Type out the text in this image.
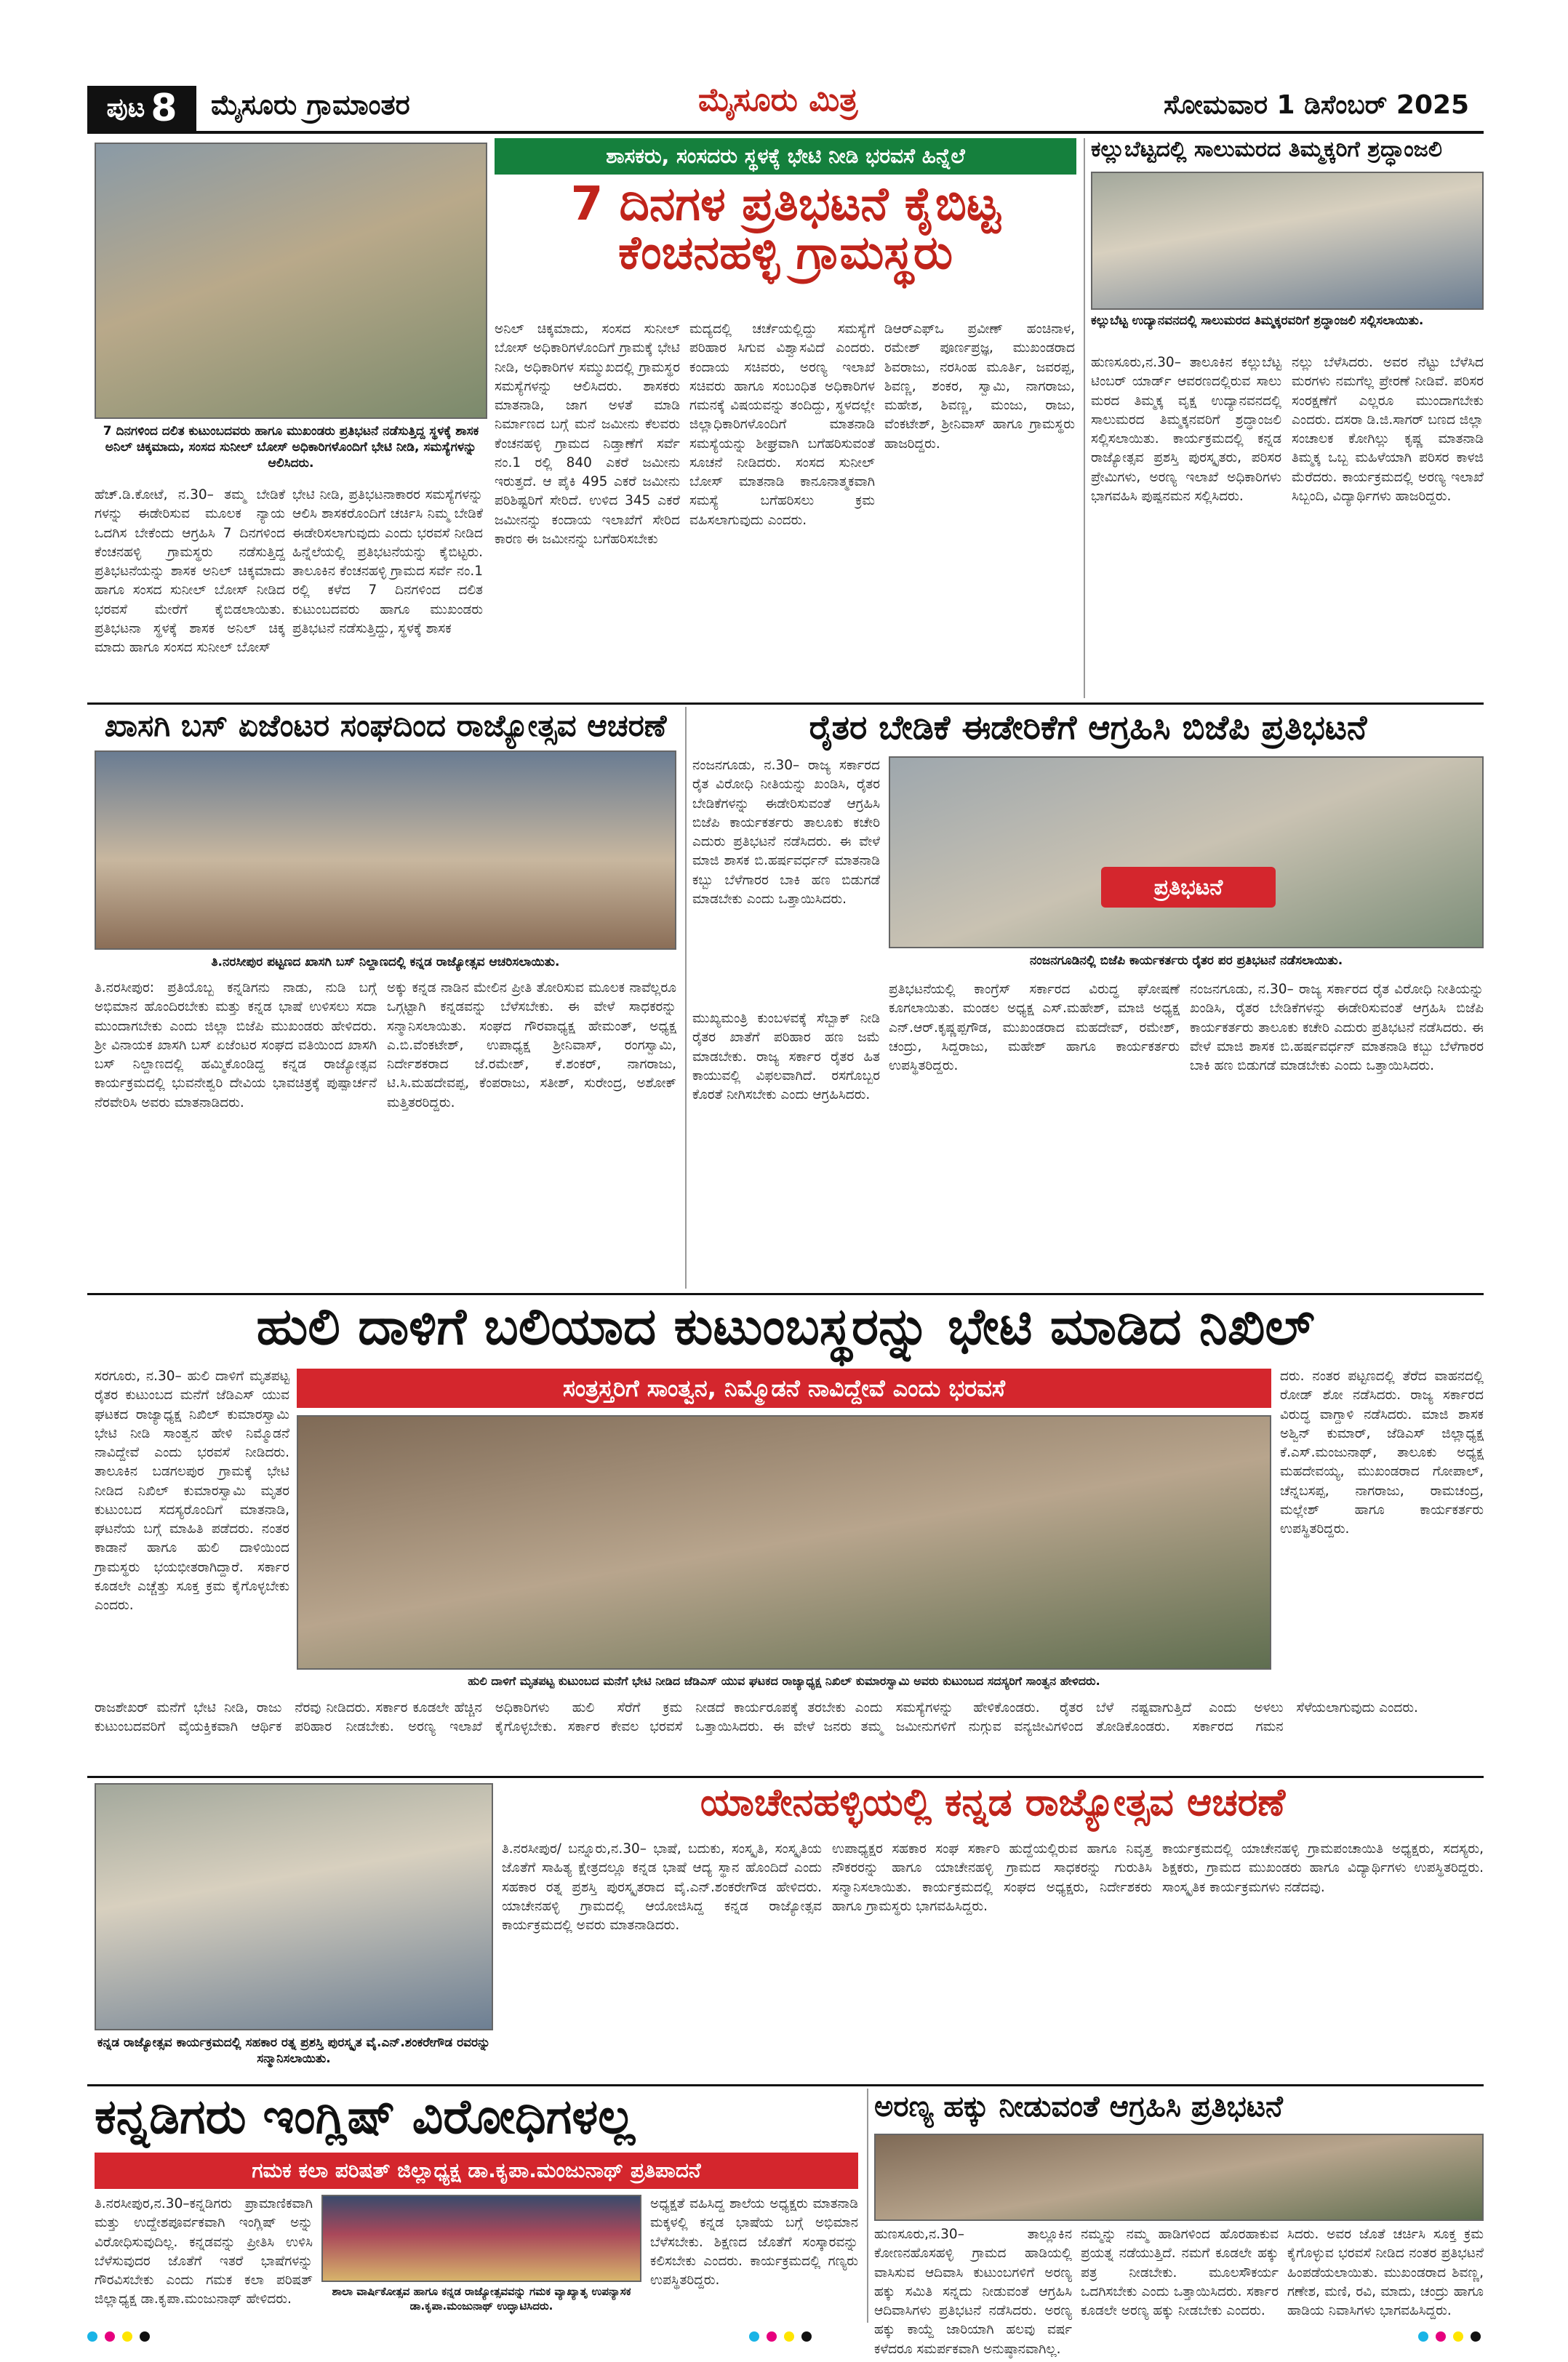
ಪುಟ 8 ಮೈಸೂರು ಗ್ರಾಮಾಂತರ	ಮೈಸೂರು ಮಿತ್ರ	ಸೋಮವಾರ 1 ಡಿಸೆಂಬರ್ 2025
7 ದಿನಗಳಿಂದ ದಲಿತ ಕುಟುಂಬದವರು ಹಾಗೂ ಮುಖಂಡರು ಪ್ರತಿಭಟನೆ ನಡೆಸುತ್ತಿದ್ದ ಸ್ಥಳಕ್ಕೆ ಶಾಸಕ ಅನಿಲ್ ಚಿಕ್ಕಮಾದು, ಸಂಸದ ಸುನೀಲ್ ಬೋಸ್ ಅಧಿಕಾರಿಗಳೊಂದಿಗೆ ಭೇಟಿ ನೀಡಿ, ಸಮಸ್ಯೆಗಳನ್ನು ಆಲಿಸಿದರು.
ಶಾಸಕರು, ಸಂಸದರು ಸ್ಥಳಕ್ಕೆ ಭೇಟಿ ನೀಡಿ ಭರವಸೆ ಹಿನ್ನೆಲೆ
7 ದಿನಗಳ ಪ್ರತಿಭಟನೆ ಕೈಬಿಟ್ಟ
ಕೆಂಚನಹಳ್ಳಿ ಗ್ರಾಮಸ್ಥರು
ಹೆಚ್.ಡಿ.ಕೋಟೆ, ನ.30– ತಮ್ಮ ಬೇಡಿಕೆ ಗಳನ್ನು ಈಡೇರಿಸುವ ಮೂಲಕ ನ್ಯಾಯ ಒದಗಿಸ ಬೇಕೆಂದು ಆಗ್ರಹಿಸಿ 7 ದಿನಗಳಿಂದ ಕೆಂಚನಹಳ್ಳಿ ಗ್ರಾಮಸ್ಥರು ನಡೆಸುತ್ತಿದ್ದ ಪ್ರತಿಭಟನೆಯನ್ನು ಶಾಸಕ ಅನಿಲ್ ಚಿಕ್ಕಮಾದು ಹಾಗೂ ಸಂಸದ ಸುನೀಲ್ ಬೋಸ್ ನೀಡಿದ ಭರವಸೆ ಮೇರೆಗೆ ಕೈಬಿಡಲಾಯಿತು. ಪ್ರತಿಭಟನಾ ಸ್ಥಳಕ್ಕೆ ಶಾಸಕ ಅನಿಲ್ ಚಿಕ್ಕ ಮಾದು ಹಾಗೂ ಸಂಸದ ಸುನೀಲ್ ಬೋಸ್
ಭೇಟಿ ನೀಡಿ, ಪ್ರತಿಭಟನಾಕಾರರ ಸಮಸ್ಯೆಗಳನ್ನು ಆಲಿಸಿ ಶಾಸಕರೊಂದಿಗೆ ಚರ್ಚಿಸಿ ನಿಮ್ಮ ಬೇಡಿಕೆ ಈಡೇರಿಸಲಾಗುವುದು ಎಂದು ಭರವಸೆ ನೀಡಿದ ಹಿನ್ನೆಲೆಯಲ್ಲಿ ಪ್ರತಿಭಟನೆಯನ್ನು ಕೈಬಿಟ್ಟರು. ತಾಲೂಕಿನ ಕೆಂಚನಹಳ್ಳಿ ಗ್ರಾಮದ ಸರ್ವೆ ನಂ.1 ರಲ್ಲಿ ಕಳೆದ 7 ದಿನಗಳಿಂದ ದಲಿತ ಕುಟುಂಬದವರು ಹಾಗೂ ಮುಖಂಡರು ಪ್ರತಿಭಟನೆ ನಡೆಸುತ್ತಿದ್ದು, ಸ್ಥಳಕ್ಕೆ ಶಾಸಕ
ಅನಿಲ್ ಚಿಕ್ಕಮಾದು, ಸಂಸದ ಸುನೀಲ್ ಬೋಸ್ ಅಧಿಕಾರಿಗಳೊಂದಿಗೆ ಗ್ರಾಮಕ್ಕೆ ಭೇಟಿ ನೀಡಿ, ಅಧಿಕಾರಿಗಳ ಸಮ್ಮುಖದಲ್ಲಿ ಗ್ರಾಮಸ್ಥರ ಸಮಸ್ಯೆಗಳನ್ನು ಆಲಿಸಿದರು. ಶಾಸಕರು ಮಾತನಾಡಿ, ಜಾಗ ಅಳತೆ ಮಾಡಿ ನಿರ್ಮಾಣದ ಬಗ್ಗೆ ಮನೆ ಜಮೀನು ಕೆಲವರು ಕೆಂಚನಹಳ್ಳಿ ಗ್ರಾಮದ ನಿಡ್ತಾಣೆಗೆ ಸರ್ವೆ ನಂ.1 ರಲ್ಲಿ 840 ಎಕರೆ ಜಮೀನು ಇರುತ್ತದೆ. ಆ ಪೈಕಿ 495 ಎಕರೆ ಜಮೀನು ಪರಿಶಿಷ್ಟರಿಗೆ ಸೇರಿದೆ. ಉಳಿದ 345 ಎಕರೆ ಜಮೀನನ್ನು ಕಂದಾಯ ಇಲಾಖೆಗೆ ಸೇರಿದ ಕಾರಣ ಈ ಜಮೀನನ್ನು ಬಗೆಹರಿಸಬೇಕು
ಮದ್ಯದಲ್ಲಿ ಚರ್ಚೆಯಲ್ಲಿದ್ದು ಸಮಸ್ಯೆಗೆ ಪರಿಹಾರ ಸಿಗುವ ವಿಶ್ವಾಸವಿದೆ ಎಂದರು. ಕಂದಾಯ ಸಚಿವರು, ಅರಣ್ಯ ಇಲಾಖೆ ಸಚಿವರು ಹಾಗೂ ಸಂಬಂಧಿತ ಅಧಿಕಾರಿಗಳ ಗಮನಕ್ಕೆ ವಿಷಯವನ್ನು ತಂದಿದ್ದು, ಸ್ಥಳದಲ್ಲೇ ಜಿಲ್ಲಾಧಿಕಾರಿಗಳೊಂದಿಗೆ ಮಾತನಾಡಿ ಸಮಸ್ಯೆಯನ್ನು ಶೀಘ್ರವಾಗಿ ಬಗೆಹರಿಸುವಂತೆ ಸೂಚನೆ ನೀಡಿದರು. ಸಂಸದ ಸುನೀಲ್ ಬೋಸ್ ಮಾತನಾಡಿ ಕಾನೂನಾತ್ಮಕವಾಗಿ ಸಮಸ್ಯೆ ಬಗೆಹರಿಸಲು ಕ್ರಮ ವಹಿಸಲಾಗುವುದು ಎಂದರು.
ಡಿಆರ್‌ಎಫ್‌ಒ ಪ್ರವೀಣ್ ಹಂಚಿನಾಳ, ರಮೇಶ್ ಪೂರ್ಣಪ್ರಜ್ಞ, ಮುಖಂಡರಾದ ಶಿವರಾಜು, ನರಸಿಂಹ ಮೂರ್ತಿ, ಜವರಪ್ಪ, ಶಿವಣ್ಣ, ಶಂಕರ, ಸ್ವಾಮಿ, ನಾಗರಾಜು, ಮಹೇಶ, ಶಿವಣ್ಣ, ಮಂಜು, ರಾಜು, ವೆಂಕಟೇಶ್, ಶ್ರೀನಿವಾಸ್ ಹಾಗೂ ಗ್ರಾಮಸ್ಥರು ಹಾಜರಿದ್ದರು.
ಕಲ್ಲುಬೆಟ್ಟದಲ್ಲಿ ಸಾಲುಮರದ ತಿಮ್ಮಕ್ಕರಿಗೆ ಶ್ರದ್ಧಾಂಜಲಿ
ಕಲ್ಲುಬೆಟ್ಟ ಉದ್ಯಾನವನದಲ್ಲಿ ಸಾಲುಮರದ ತಿಮ್ಮಕ್ಕರವರಿಗೆ ಶ್ರದ್ಧಾಂಜಲಿ ಸಲ್ಲಿಸಲಾಯಿತು.
ಹುಣಸೂರು,ನ.30– ತಾಲೂಕಿನ ಕಲ್ಲುಬೆಟ್ಟ ಟಿಂಬರ್ ಯಾರ್ಡ್ ಆವರಣದಲ್ಲಿರುವ ಸಾಲು ಮರದ ತಿಮ್ಮಕ್ಕ ವೃಕ್ಷ ಉದ್ಯಾನವನದಲ್ಲಿ ಸಾಲುಮರದ ತಿಮ್ಮಕ್ಕನವರಿಗೆ ಶ್ರದ್ಧಾಂಜಲಿ ಸಲ್ಲಿಸಲಾಯಿತು. ಕಾರ್ಯಕ್ರಮದಲ್ಲಿ ಕನ್ನಡ ರಾಜ್ಯೋತ್ಸವ ಪ್ರಶಸ್ತಿ ಪುರಸ್ಕೃತರು, ಪರಿಸರ ಪ್ರೇಮಿಗಳು, ಅರಣ್ಯ ಇಲಾಖೆ ಅಧಿಕಾರಿಗಳು ಭಾಗವಹಿಸಿ ಪುಷ್ಪನಮನ ಸಲ್ಲಿಸಿದರು.
ನಲ್ಲು ಬೆಳೆಸಿದರು. ಅವರ ನೆಟ್ಟು ಬೆಳೆಸಿದ ಮರಗಳು ನಮಗೆಲ್ಲ ಪ್ರೇರಣೆ ನೀಡಿವೆ. ಪರಿಸರ ಸಂರಕ್ಷಣೆಗೆ ಎಲ್ಲರೂ ಮುಂದಾಗಬೇಕು ಎಂದರು. ದಸರಾ ಡಿ.ಜಿ.ಸಾಗರ್ ಬಣದ ಜಿಲ್ಲಾ ಸಂಚಾಲಕ ಕೋಗಿಲ್ಲು ಕೃಷ್ಣ ಮಾತನಾಡಿ ತಿಮ್ಮಕ್ಕ ಒಬ್ಬ ಮಹಿಳೆಯಾಗಿ ಪರಿಸರ ಕಾಳಜಿ ಮೆರೆದರು. ಕಾರ್ಯಕ್ರಮದಲ್ಲಿ ಅರಣ್ಯ ಇಲಾಖೆ ಸಿಬ್ಬಂದಿ, ವಿದ್ಯಾರ್ಥಿಗಳು ಹಾಜರಿದ್ದರು.
ಖಾಸಗಿ ಬಸ್ ಏಜೆಂಟರ ಸಂಘದಿಂದ ರಾಜ್ಯೋತ್ಸವ ಆಚರಣೆ
ತಿ.ನರಸೀಪುರ ಪಟ್ಟಣದ ಖಾಸಗಿ ಬಸ್ ನಿಲ್ದಾಣದಲ್ಲಿ ಕನ್ನಡ ರಾಜ್ಯೋತ್ಸವ ಆಚರಿಸಲಾಯಿತು.
ತಿ.ನರಸೀಪುರ: ಪ್ರತಿಯೊಬ್ಬ ಕನ್ನಡಿಗನು ನಾಡು, ನುಡಿ ಬಗ್ಗೆ ಅಭಿಮಾನ ಹೊಂದಿರಬೇಕು ಮತ್ತು ಕನ್ನಡ ಭಾಷೆ ಉಳಿಸಲು ಸದಾ ಮುಂದಾಗಬೇಕು ಎಂದು ಜಿಲ್ಲಾ ಬಿಜೆಪಿ ಮುಖಂಡರು ಹೇಳಿದರು. ಶ್ರೀ ವಿನಾಯಕ ಖಾಸಗಿ ಬಸ್ ಏಜೆಂಟರ ಸಂಘದ ವತಿಯಿಂದ ಖಾಸಗಿ ಬಸ್ ನಿಲ್ದಾಣದಲ್ಲಿ ಹಮ್ಮಿಕೊಂಡಿದ್ದ ಕನ್ನಡ ರಾಜ್ಯೋತ್ಸವ ಕಾರ್ಯಕ್ರಮದಲ್ಲಿ ಭುವನೇಶ್ವರಿ ದೇವಿಯ ಭಾವಚಿತ್ರಕ್ಕೆ ಪುಷ್ಪಾರ್ಚನೆ ನೆರವೇರಿಸಿ ಅವರು ಮಾತನಾಡಿದರು.
ಅಕ್ಕು ಕನ್ನಡ ನಾಡಿನ ಮೇಲಿನ ಪ್ರೀತಿ ತೋರಿಸುವ ಮೂಲಕ ನಾವೆಲ್ಲರೂ ಒಗ್ಗಟ್ಟಾಗಿ ಕನ್ನಡವನ್ನು ಬೆಳೆಸಬೇಕು. ಈ ವೇಳೆ ಸಾಧಕರನ್ನು ಸನ್ಮಾನಿಸಲಾಯಿತು. ಸಂಘದ ಗೌರವಾಧ್ಯಕ್ಷ ಹೇಮಂತ್, ಅಧ್ಯಕ್ಷ ಎ.ಬಿ.ವೆಂಕಟೇಶ್, ಉಪಾಧ್ಯಕ್ಷ ಶ್ರೀನಿವಾಸ್, ರಂಗಸ್ವಾಮಿ, ನಿರ್ದೇಶಕರಾದ ಜೆ.ರಮೇಶ್, ಕೆ.ಶಂಕರ್, ನಾಗರಾಜು, ಟಿ.ಸಿ.ಮಹದೇವಪ್ಪ, ಕೆಂಪರಾಜು, ಸತೀಶ್, ಸುರೇಂದ್ರ, ಅಶೋಕ್ ಮತ್ತಿತರರಿದ್ದರು.
ರೈತರ ಬೇಡಿಕೆ ಈಡೇರಿಕೆಗೆ ಆಗ್ರಹಿಸಿ ಬಿಜೆಪಿ ಪ್ರತಿಭಟನೆ
ನಂಜನಗೂಡು, ನ.30– ರಾಜ್ಯ ಸರ್ಕಾರದ ರೈತ ವಿರೋಧಿ ನೀತಿಯನ್ನು ಖಂಡಿಸಿ, ರೈತರ ಬೇಡಿಕೆಗಳನ್ನು ಈಡೇರಿಸುವಂತೆ ಆಗ್ರಹಿಸಿ ಬಿಜೆಪಿ ಕಾರ್ಯಕರ್ತರು ತಾಲೂಕು ಕಚೇರಿ ಎದುರು ಪ್ರತಿಭಟನೆ ನಡೆಸಿದರು. ಈ ವೇಳೆ ಮಾಜಿ ಶಾಸಕ ಬಿ.ಹರ್ಷವರ್ಧನ್ ಮಾತನಾಡಿ ಕಬ್ಬು ಬೆಳೆಗಾರರ ಬಾಕಿ ಹಣ ಬಿಡುಗಡೆ ಮಾಡಬೇಕು ಎಂದು ಒತ್ತಾಯಿಸಿದರು.	ಪ್ರತಿಭಟನೆ
ನಂಜನಗೂಡಿನಲ್ಲಿ ಬಿಜೆಪಿ ಕಾರ್ಯಕರ್ತರು ರೈತರ ಪರ ಪ್ರತಿಭಟನೆ ನಡೆಸಲಾಯಿತು.
ಮುಖ್ಯಮಂತ್ರಿ ಕುಂಬಳವಕ್ಕೆ ಸೆಬ್ಬಾಕ್ ನೀಡಿ ರೈತರ ಖಾತೆಗೆ ಪರಿಹಾರ ಹಣ ಜಮೆ ಮಾಡಬೇಕು. ರಾಜ್ಯ ಸರ್ಕಾರ ರೈತರ ಹಿತ ಕಾಯುವಲ್ಲಿ ವಿಫಲವಾಗಿದೆ. ರಸಗೊಬ್ಬರ ಕೊರತೆ ನೀಗಿಸಬೇಕು ಎಂದು ಆಗ್ರಹಿಸಿದರು.
ಪ್ರತಿಭಟನೆಯಲ್ಲಿ ಕಾಂಗ್ರೆಸ್ ಸರ್ಕಾರದ ವಿರುದ್ಧ ಘೋಷಣೆ ಕೂಗಲಾಯಿತು. ಮಂಡಲ ಅಧ್ಯಕ್ಷ ಎಸ್.ಮಹೇಶ್, ಮಾಜಿ ಅಧ್ಯಕ್ಷ ಎನ್.ಆರ್.ಕೃಷ್ಣಪ್ಪಗೌಡ, ಮುಖಂಡರಾದ ಮಹದೇವ್, ರಮೇಶ್, ಚಂದ್ರು, ಸಿದ್ದರಾಜು, ಮಹೇಶ್ ಹಾಗೂ ಕಾರ್ಯಕರ್ತರು ಉಪಸ್ಥಿತರಿದ್ದರು.
ನಂಜನಗೂಡು, ನ.30– ರಾಜ್ಯ ಸರ್ಕಾರದ ರೈತ ವಿರೋಧಿ ನೀತಿಯನ್ನು ಖಂಡಿಸಿ, ರೈತರ ಬೇಡಿಕೆಗಳನ್ನು ಈಡೇರಿಸುವಂತೆ ಆಗ್ರಹಿಸಿ ಬಿಜೆಪಿ ಕಾರ್ಯಕರ್ತರು ತಾಲೂಕು ಕಚೇರಿ ಎದುರು ಪ್ರತಿಭಟನೆ ನಡೆಸಿದರು. ಈ ವೇಳೆ ಮಾಜಿ ಶಾಸಕ ಬಿ.ಹರ್ಷವರ್ಧನ್ ಮಾತನಾಡಿ ಕಬ್ಬು ಬೆಳೆಗಾರರ ಬಾಕಿ ಹಣ ಬಿಡುಗಡೆ ಮಾಡಬೇಕು ಎಂದು ಒತ್ತಾಯಿಸಿದರು.
ಹುಲಿ ದಾಳಿಗೆ ಬಲಿಯಾದ ಕುಟುಂಬಸ್ಥರನ್ನು ಭೇಟಿ ಮಾಡಿದ ನಿಖಿಲ್
ಸರಗೂರು, ನ.30– ಹುಲಿ ದಾಳಿಗೆ ಮೃತಪಟ್ಟ ರೈತರ ಕುಟುಂಬದ ಮನೆಗೆ ಜೆಡಿಎಸ್ ಯುವ ಘಟಕದ ರಾಜ್ಯಾಧ್ಯಕ್ಷ ನಿಖಿಲ್ ಕುಮಾರಸ್ವಾಮಿ ಭೇಟಿ ನೀಡಿ ಸಾಂತ್ವನ ಹೇಳಿ ನಿಮ್ಮೊಡನೆ ನಾವಿದ್ದೇವೆ ಎಂದು ಭರವಸೆ ನೀಡಿದರು. ತಾಲೂಕಿನ ಬಡಗಲಪುರ ಗ್ರಾಮಕ್ಕೆ ಭೇಟಿ ನೀಡಿದ ನಿಖಿಲ್ ಕುಮಾರಸ್ವಾಮಿ ಮೃತರ ಕುಟುಂಬದ ಸದಸ್ಯರೊಂದಿಗೆ ಮಾತನಾಡಿ, ಘಟನೆಯ ಬಗ್ಗೆ ಮಾಹಿತಿ ಪಡೆದರು. ನಂತರ ಕಾಡಾನೆ ಹಾಗೂ ಹುಲಿ ದಾಳಿಯಿಂದ ಗ್ರಾಮಸ್ಥರು ಭಯಭೀತರಾಗಿದ್ದಾರೆ. ಸರ್ಕಾರ ಕೂಡಲೇ ಎಚ್ಚೆತ್ತು ಸೂಕ್ತ ಕ್ರಮ ಕೈಗೊಳ್ಳಬೇಕು ಎಂದರು.
ಸಂತ್ರಸ್ತರಿಗೆ ಸಾಂತ್ವನ, ನಿಮ್ಮೊಡನೆ ನಾವಿದ್ದೇವೆ ಎಂದು ಭರವಸೆ
ಹುಲಿ ದಾಳಿಗೆ ಮೃತಪಟ್ಟ ಕುಟುಂಬದ ಮನೆಗೆ ಭೇಟಿ ನೀಡಿದ ಜೆಡಿಎಸ್ ಯುವ ಘಟಕದ ರಾಜ್ಯಾಧ್ಯಕ್ಷ ನಿಖಿಲ್ ಕುಮಾರಸ್ವಾಮಿ ಅವರು ಕುಟುಂಬದ ಸದಸ್ಯರಿಗೆ ಸಾಂತ್ವನ ಹೇಳಿದರು.
ದರು. ನಂತರ ಪಟ್ಟಣದಲ್ಲಿ ತೆರೆದ ವಾಹನದಲ್ಲಿ ರೋಡ್ ಶೋ ನಡೆಸಿದರು. ರಾಜ್ಯ ಸರ್ಕಾರದ ವಿರುದ್ಧ ವಾಗ್ದಾಳಿ ನಡೆಸಿದರು. ಮಾಜಿ ಶಾಸಕ ಅಶ್ವಿನ್ ಕುಮಾರ್, ಜೆಡಿಎಸ್ ಜಿಲ್ಲಾಧ್ಯಕ್ಷ ಕೆ.ಎಸ್.ಮಂಜುನಾಥ್, ತಾಲೂಕು ಅಧ್ಯಕ್ಷ ಮಹದೇವಯ್ಯ, ಮುಖಂಡರಾದ ಗೋಪಾಲ್, ಚೆನ್ನಬಸಪ್ಪ, ನಾಗರಾಜು, ರಾಮಚಂದ್ರ, ಮಲ್ಲೇಶ್ ಹಾಗೂ ಕಾರ್ಯಕರ್ತರು ಉಪಸ್ಥಿತರಿದ್ದರು.
ರಾಜಶೇಖರ್ ಮನೆಗೆ ಭೇಟಿ ನೀಡಿ, ರಾಜು ಕುಟುಂಬದವರಿಗೆ ವೈಯಕ್ತಿಕವಾಗಿ ಆರ್ಥಿಕ ನೆರವು ನೀಡಿದರು. ಸರ್ಕಾರ ಕೂಡಲೇ ಹೆಚ್ಚಿನ ಪರಿಹಾರ ನೀಡಬೇಕು. ಅರಣ್ಯ ಇಲಾಖೆ ಅಧಿಕಾರಿಗಳು ಹುಲಿ ಸೆರೆಗೆ ಕ್ರಮ ಕೈಗೊಳ್ಳಬೇಕು. ಸರ್ಕಾರ ಕೇವಲ ಭರವಸೆ ನೀಡದೆ ಕಾರ್ಯರೂಪಕ್ಕೆ ತರಬೇಕು ಎಂದು ಒತ್ತಾಯಿಸಿದರು. ಈ ವೇಳೆ ಜನರು ತಮ್ಮ ಸಮಸ್ಯೆಗಳನ್ನು ಹೇಳಿಕೊಂಡರು. ರೈತರ ಜಮೀನುಗಳಿಗೆ ನುಗ್ಗುವ ವನ್ಯಜೀವಿಗಳಿಂದ ಬೆಳೆ ನಷ್ಟವಾಗುತ್ತಿದೆ ಎಂದು ಅಳಲು ತೋಡಿಕೊಂಡರು. ಸರ್ಕಾರದ ಗಮನ ಸೆಳೆಯಲಾಗುವುದು ಎಂದರು.
ಕನ್ನಡ ರಾಜ್ಯೋತ್ಸವ ಕಾರ್ಯಕ್ರಮದಲ್ಲಿ ಸಹಕಾರ ರತ್ನ ಪ್ರಶಸ್ತಿ ಪುರಸ್ಕೃತ ವೈ.ಎನ್.ಶಂಕರೇಗೌಡ ರವರನ್ನು ಸನ್ಮಾನಿಸಲಾಯಿತು.
ಯಾಚೇನಹಳ್ಳಿಯಲ್ಲಿ ಕನ್ನಡ ರಾಜ್ಯೋತ್ಸವ ಆಚರಣೆ
ತಿ.ನರಸೀಪುರ/ ಬನ್ನೂರು,ನ.30– ಭಾಷೆ, ಬದುಕು, ಸಂಸ್ಕೃತಿ, ಸಂಸ್ಕೃತಿಯ ಜೊತೆಗೆ ಸಾಹಿತ್ಯ ಕ್ಷೇತ್ರದಲ್ಲೂ ಕನ್ನಡ ಭಾಷೆ ಆದ್ಯ ಸ್ಥಾನ ಹೊಂದಿದೆ ಎಂದು ಸಹಕಾರ ರತ್ನ ಪ್ರಶಸ್ತಿ ಪುರಸ್ಕೃತರಾದ ವೈ.ಎನ್.ಶಂಕರೇಗೌಡ ಹೇಳಿದರು. ಯಾಚೇನಹಳ್ಳಿ ಗ್ರಾಮದಲ್ಲಿ ಆಯೋಜಿಸಿದ್ದ ಕನ್ನಡ ರಾಜ್ಯೋತ್ಸವ ಕಾರ್ಯಕ್ರಮದಲ್ಲಿ ಅವರು ಮಾತನಾಡಿದರು.
ಉಪಾಧ್ಯಕ್ಷರ ಸಹಕಾರ ಸಂಘ ಸರ್ಕಾರಿ ಹುದ್ದೆಯಲ್ಲಿರುವ ಹಾಗೂ ನಿವೃತ್ತ ನೌಕರರನ್ನು ಹಾಗೂ ಯಾಚೇನಹಳ್ಳಿ ಗ್ರಾಮದ ಸಾಧಕರನ್ನು ಗುರುತಿಸಿ ಸನ್ಮಾನಿಸಲಾಯಿತು. ಕಾರ್ಯಕ್ರಮದಲ್ಲಿ ಸಂಘದ ಅಧ್ಯಕ್ಷರು, ನಿರ್ದೇಶಕರು ಹಾಗೂ ಗ್ರಾಮಸ್ಥರು ಭಾಗವಹಿಸಿದ್ದರು.
ಕಾರ್ಯಕ್ರಮದಲ್ಲಿ ಯಾಚೇನಹಳ್ಳಿ ಗ್ರಾಮಪಂಚಾಯಿತಿ ಅಧ್ಯಕ್ಷರು, ಸದಸ್ಯರು, ಶಿಕ್ಷಕರು, ಗ್ರಾಮದ ಮುಖಂಡರು ಹಾಗೂ ವಿದ್ಯಾರ್ಥಿಗಳು ಉಪಸ್ಥಿತರಿದ್ದರು. ಸಾಂಸ್ಕೃತಿಕ ಕಾರ್ಯಕ್ರಮಗಳು ನಡೆದವು.
ಕನ್ನಡಿಗರು ಇಂಗ್ಲಿಷ್ ವಿರೋಧಿಗಳಲ್ಲ
ಗಮಕ ಕಲಾ ಪರಿಷತ್ ಜಿಲ್ಲಾಧ್ಯಕ್ಷ ಡಾ.ಕೃಪಾ.ಮಂಜುನಾಥ್ ಪ್ರತಿಪಾದನೆ
ತಿ.ನರಸೀಪುರ,ನ.30–ಕನ್ನಡಿಗರು ಪ್ರಾಮಾಣಿಕವಾಗಿ ಮತ್ತು ಉದ್ದೇಶಪೂರ್ವಕವಾಗಿ ಇಂಗ್ಲಿಷ್ ಅನ್ನು ವಿರೋಧಿಸುವುದಿಲ್ಲ. ಕನ್ನಡವನ್ನು ಪ್ರೀತಿಸಿ ಉಳಿಸಿ ಬೆಳೆಸುವುದರ ಜೊತೆಗೆ ಇತರೆ ಭಾಷೆಗಳನ್ನು ಗೌರವಿಸಬೇಕು ಎಂದು ಗಮಕ ಕಲಾ ಪರಿಷತ್ ಜಿಲ್ಲಾಧ್ಯಕ್ಷ ಡಾ.ಕೃಪಾ.ಮಂಜುನಾಥ್ ಹೇಳಿದರು.
ಶಾಲಾ ವಾರ್ಷಿಕೋತ್ಸವ ಹಾಗೂ ಕನ್ನಡ ರಾಜ್ಯೋತ್ಸವವನ್ನು ಗಮಕ ವ್ಯಾಖ್ಯಾತೃ ಉಪನ್ಯಾಸಕ ಡಾ.ಕೃಪಾ.ಮಂಜುನಾಥ್ ಉದ್ಘಾಟಿಸಿದರು.
ಅಧ್ಯಕ್ಷತೆ ವಹಿಸಿದ್ದ ಶಾಲೆಯ ಅಧ್ಯಕ್ಷರು ಮಾತನಾಡಿ ಮಕ್ಕಳಲ್ಲಿ ಕನ್ನಡ ಭಾಷೆಯ ಬಗ್ಗೆ ಅಭಿಮಾನ ಬೆಳೆಸಬೇಕು. ಶಿಕ್ಷಣದ ಜೊತೆಗೆ ಸಂಸ್ಕಾರವನ್ನು ಕಲಿಸಬೇಕು ಎಂದರು. ಕಾರ್ಯಕ್ರಮದಲ್ಲಿ ಗಣ್ಯರು ಉಪಸ್ಥಿತರಿದ್ದರು.
ಅರಣ್ಯ ಹಕ್ಕು ನೀಡುವಂತೆ ಆಗ್ರಹಿಸಿ ಪ್ರತಿಭಟನೆ
ಹುಣಸೂರು,ನ.30– ತಾಲ್ಲೂಕಿನ ಕೋಣನಹೊಸಹಳ್ಳಿ ಗ್ರಾಮದ ಹಾಡಿಯಲ್ಲಿ ವಾಸಿಸುವ ಆದಿವಾಸಿ ಕುಟುಂಬಗಳಿಗೆ ಅರಣ್ಯ ಹಕ್ಕು ಸಮಿತಿ ಸನ್ನದು ನೀಡುವಂತೆ ಆಗ್ರಹಿಸಿ ಆದಿವಾಸಿಗಳು ಪ್ರತಿಭಟನೆ ನಡೆಸಿದರು. ಅರಣ್ಯ ಹಕ್ಕು ಕಾಯ್ದೆ ಜಾರಿಯಾಗಿ ಹಲವು ವರ್ಷ ಕಳೆದರೂ ಸಮರ್ಪಕವಾಗಿ ಅನುಷ್ಠಾನವಾಗಿಲ್ಲ.
ನಮ್ಮನ್ನು ನಮ್ಮ ಹಾಡಿಗಳಿಂದ ಹೊರಹಾಕುವ ಪ್ರಯತ್ನ ನಡೆಯುತ್ತಿದೆ. ನಮಗೆ ಕೂಡಲೇ ಹಕ್ಕು ಪತ್ರ ನೀಡಬೇಕು. ಮೂಲಸೌಕರ್ಯ ಒದಗಿಸಬೇಕು ಎಂದು ಒತ್ತಾಯಿಸಿದರು. ಸರ್ಕಾರ ಕೂಡಲೇ ಅರಣ್ಯ ಹಕ್ಕು ನೀಡಬೇಕು ಎಂದರು.
ಸಿದರು. ಅವರ ಜೊತೆ ಚರ್ಚಿಸಿ ಸೂಕ್ತ ಕ್ರಮ ಕೈಗೊಳ್ಳುವ ಭರವಸೆ ನೀಡಿದ ನಂತರ ಪ್ರತಿಭಟನೆ ಹಿಂಪಡೆಯಲಾಯಿತು. ಮುಖಂಡರಾದ ಶಿವಣ್ಣ, ಗಣೇಶ, ಮಣಿ, ರವಿ, ಮಾದು, ಚಂದ್ರು ಹಾಗೂ ಹಾಡಿಯ ನಿವಾಸಿಗಳು ಭಾಗವಹಿಸಿದ್ದರು.
